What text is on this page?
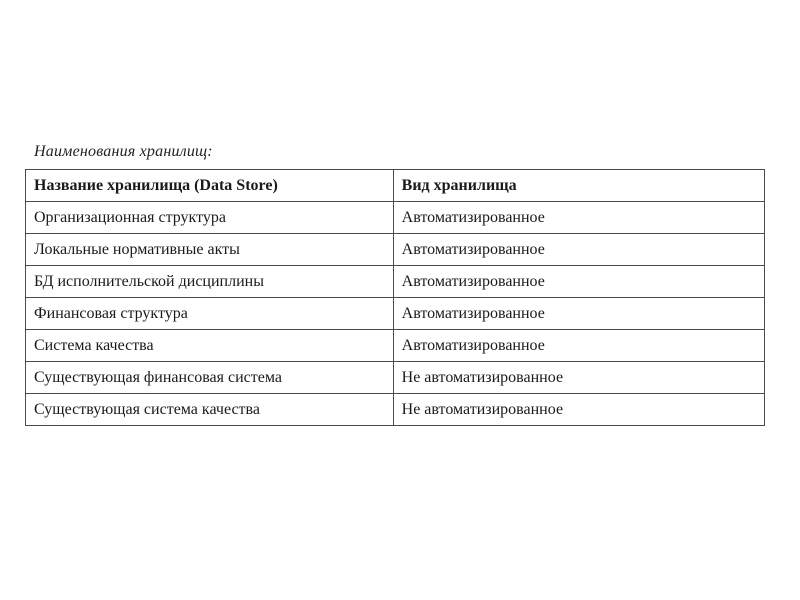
Наименования хранилищ:
Название хранилища (Data Store)	Вид хранилища
Организационная структура	Автоматизированное
Локальные нормативные акты	Автоматизированное
БД исполнительской дисциплины	Автоматизированное
Финансовая структура	Автоматизированное
Система качества	Автоматизированное
Существующая финансовая система	Не автоматизированное
Существующая система качества	Не автоматизированное
